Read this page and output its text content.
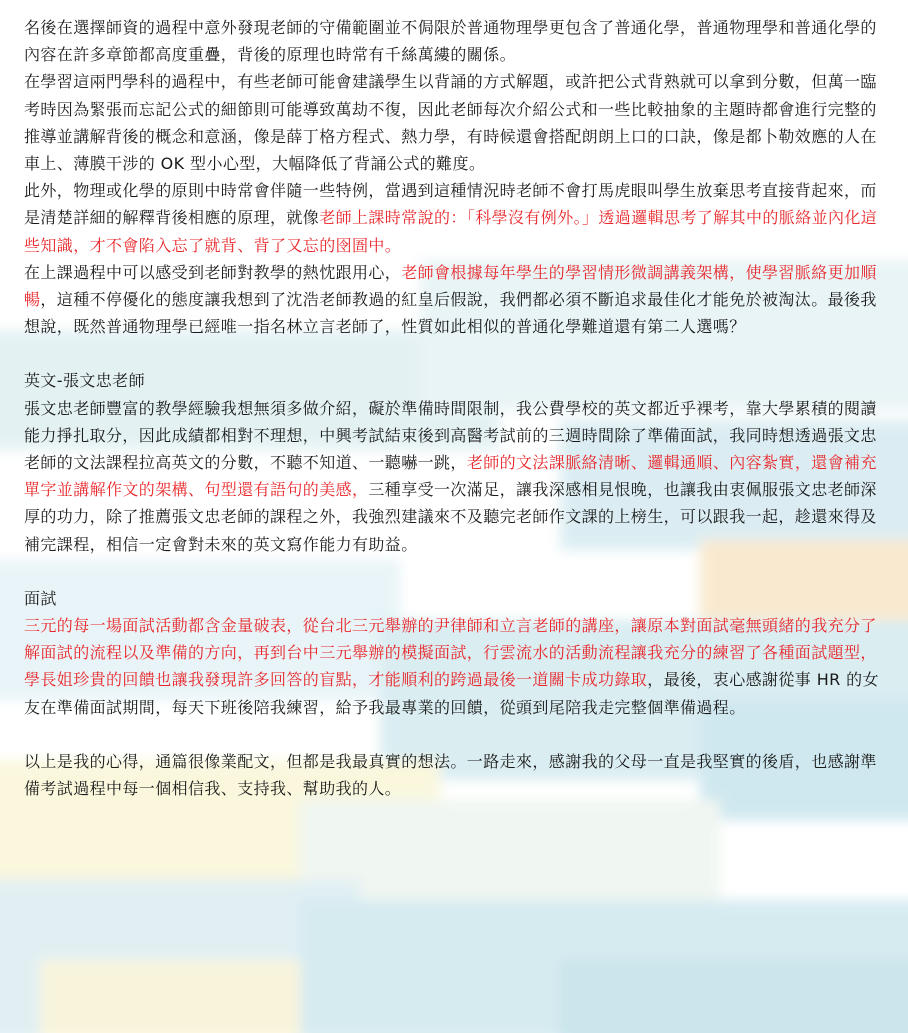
名後在選擇師資的過程中意外發現老師的守備範圍並不侷限於普通物理學更包含了普通化學，普通物理學和普通化學的內容在許多章節都高度重疊，背後的原理也時常有千絲萬縷的關係。

在學習這兩門學科的過程中，有些老師可能會建議學生以背誦的方式解題，或許把公式背熟就可以拿到分數，但萬一臨考時因為緊張而忘記公式的細節則可能導致萬劫不復，因此老師每次介紹公式和一些比較抽象的主題時都會進行完整的推導並講解背後的概念和意涵，像是薛丁格方程式、熱力學，有時候還會搭配朗朗上口的口訣，像是都卜勒效應的人在車上、薄膜干涉的 OK 型小心型，大幅降低了背誦公式的難度。

此外，物理或化學的原則中時常會伴隨一些特例，當遇到這種情況時老師不會打馬虎眼叫學生放棄思考直接背起來，而是清楚詳細的解釋背後相應的原理，就像老師上課時常說的：「科學沒有例外。」透過邏輯思考了解其中的脈絡並內化這些知識，才不會陷入忘了就背、背了又忘的囹圄中。

在上課過程中可以感受到老師對教學的熱忱跟用心，老師會根據每年學生的學習情形微調講義架構，使學習脈絡更加順暢，這種不停優化的態度讓我想到了沈浩老師教過的紅皇后假說，我們都必須不斷追求最佳化才能免於被淘汰。最後我想說，既然普通物理學已經唯一指名林立言老師了，性質如此相似的普通化學難道還有第二人選嗎？

英文-張文忠老師

張文忠老師豐富的教學經驗我想無須多做介紹，礙於準備時間限制，我公費學校的英文都近乎裸考，靠大學累積的閱讀能力掙扎取分，因此成績都相對不理想，中興考試結束後到高醫考試前的三週時間除了準備面試，我同時想透過張文忠老師的文法課程拉高英文的分數，不聽不知道、一聽嚇一跳，老師的文法課脈絡清晰、邏輯通順、內容紮實，還會補充單字並講解作文的架構、句型還有語句的美感，三種享受一次滿足，讓我深感相見恨晚，也讓我由衷佩服張文忠老師深厚的功力，除了推薦張文忠老師的課程之外，我強烈建議來不及聽完老師作文課的上榜生，可以跟我一起，趁還來得及補完課程，相信一定會對未來的英文寫作能力有助益。

面試

三元的每一場面試活動都含金量破表，從台北三元舉辦的尹律師和立言老師的講座，讓原本對面試毫無頭緒的我充分了解面試的流程以及準備的方向，再到台中三元舉辦的模擬面試，行雲流水的活動流程讓我充分的練習了各種面試題型，學長姐珍貴的回饋也讓我發現許多回答的盲點，才能順利的跨過最後一道關卡成功錄取，最後，衷心感謝從事 HR 的女友在準備面試期間，每天下班後陪我練習，給予我最專業的回饋，從頭到尾陪我走完整個準備過程。

以上是我的心得，通篇很像業配文，但都是我最真實的想法。一路走來，感謝我的父母一直是我堅實的後盾，也感謝準備考試過程中每一個相信我、支持我、幫助我的人。
